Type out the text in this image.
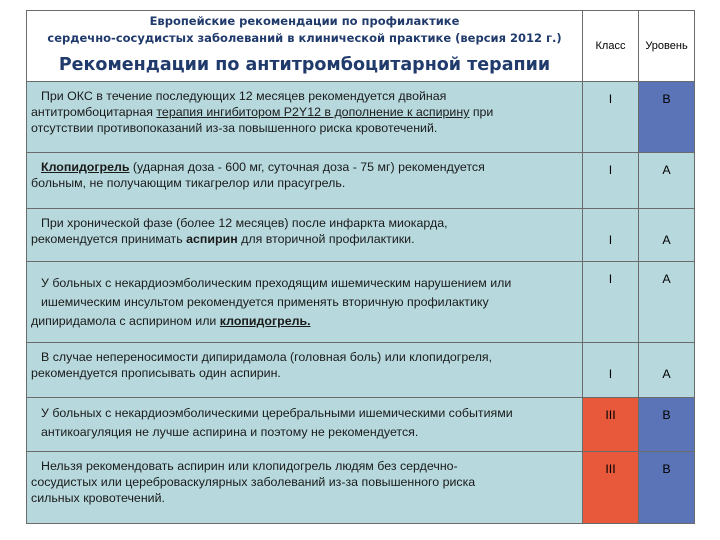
Европейские рекомендации по профилактике
сердечно-сосудистых заболеваний в клинической практике (версия 2012 г.)
Рекомендации по антитромбоцитарной терапии	Класс	Уровень

При ОКС в течение последующих 12 месяцев рекомендуется двойная
антитромбоцитарная терапия ингибитором Р2Y12 в дополнение к аспирину при
отсутствии противопоказаний из-за повышенного риска кровотечений.	I	B

Клопидогрель (ударная доза - 600 мг, суточная доза - 75 мг) рекомендуется
больным, не получающим тикагрелор или прасугрель.	I	A

При хронической фазе (более 12 месяцев) после инфаркта миокарда,
рекомендуется принимать аспирин для вторичной профилактики.	I	A

У больных с некардиоэмболическим преходящим ишемическим нарушением или
ишемическим инсультом рекомендуется применять вторичную профилактику
дипиридамола с аспирином или клопидогрель.	I	A

В случае непереносимости дипиридамола (головная боль) или клопидогреля,
рекомендуется прописывать один аспирин.	I	A

У больных с некардиоэмболическими церебральными ишемическими событиями
антикоагуляция не лучше аспирина и поэтому не рекомендуется.	III	B

Нельзя рекомендовать аспирин или клопидогрель людям без сердечно-
сосудистых или цереброваскулярных заболеваний из-за повышенного риска
сильных кровотечений.	III	B
